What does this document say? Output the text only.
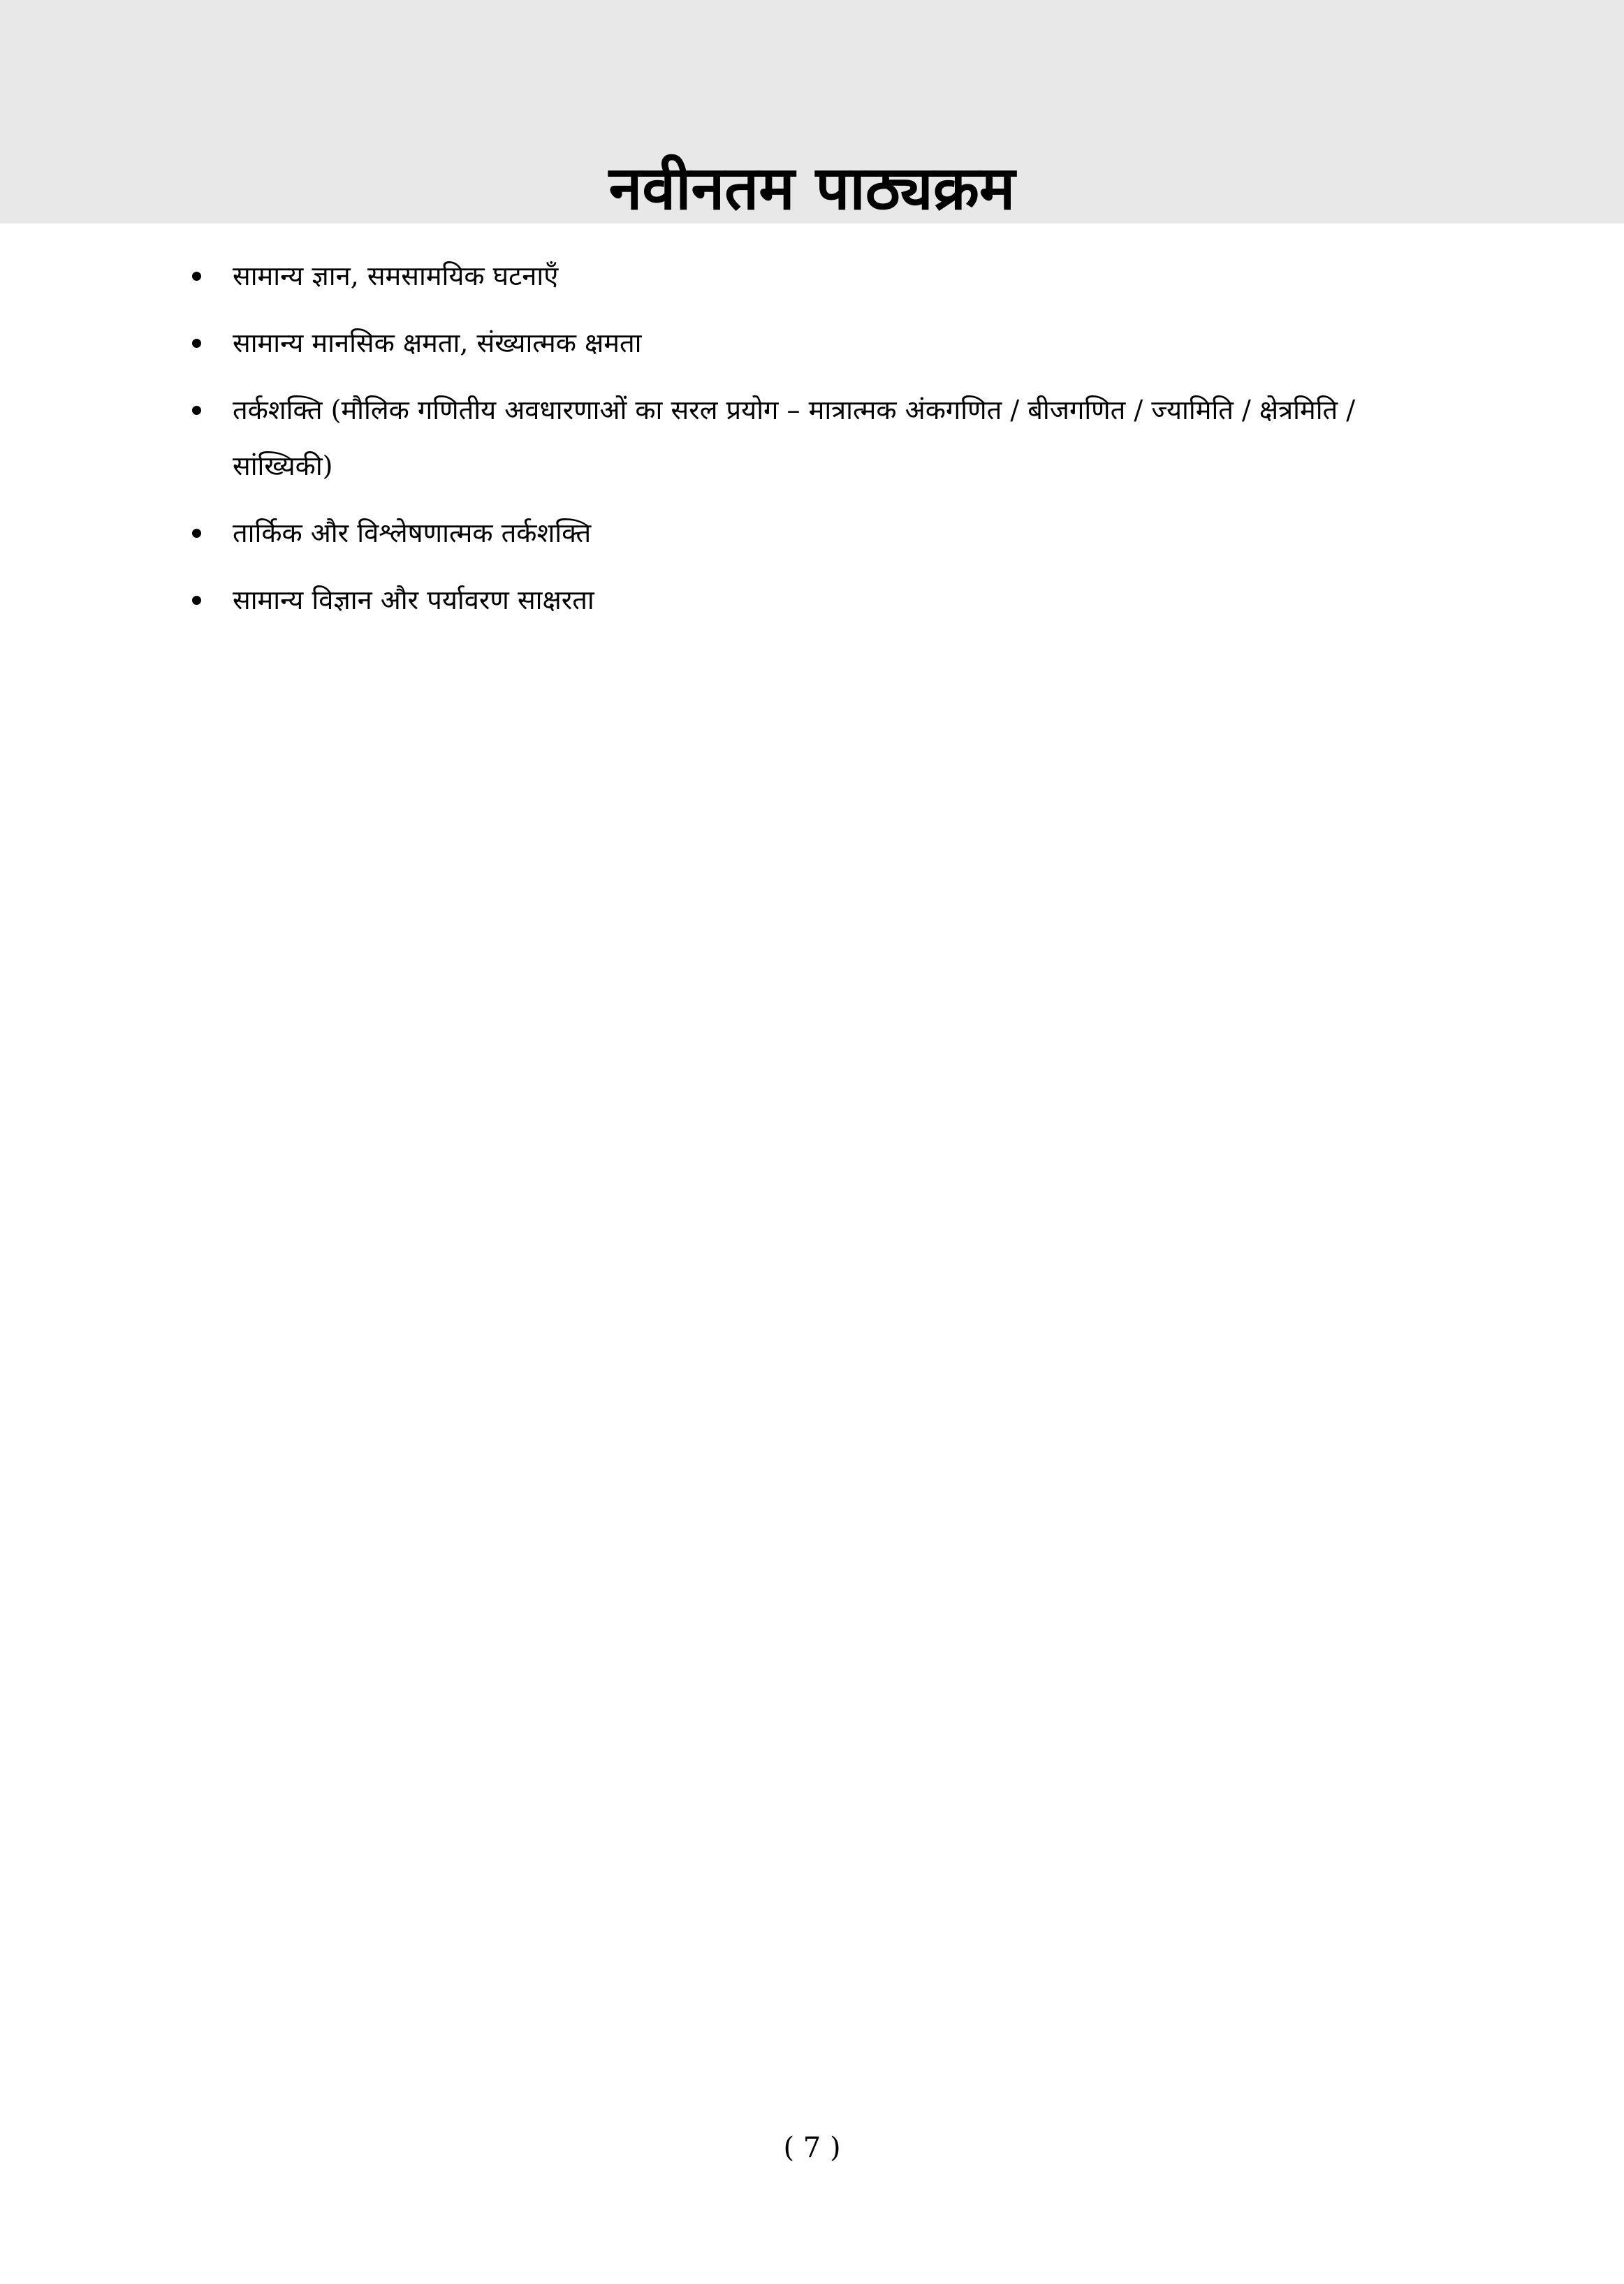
नवीनतम पाठ्यक्रम
सामान्य ज्ञान, समसामयिक घटनाएँ
सामान्य मानसिक क्षमता, संख्यात्मक क्षमता
तर्कशक्ति (मौलिक गणितीय अवधारणाओं का सरल प्रयोग – मात्रात्मक अंकगणित / बीजगणित / ज्यामिति / क्षेत्रमिति / सांख्यिकी)
तार्किक और विश्लेषणात्मक तर्कशक्ति
सामान्य विज्ञान और पर्यावरण साक्षरता
( 7 )
